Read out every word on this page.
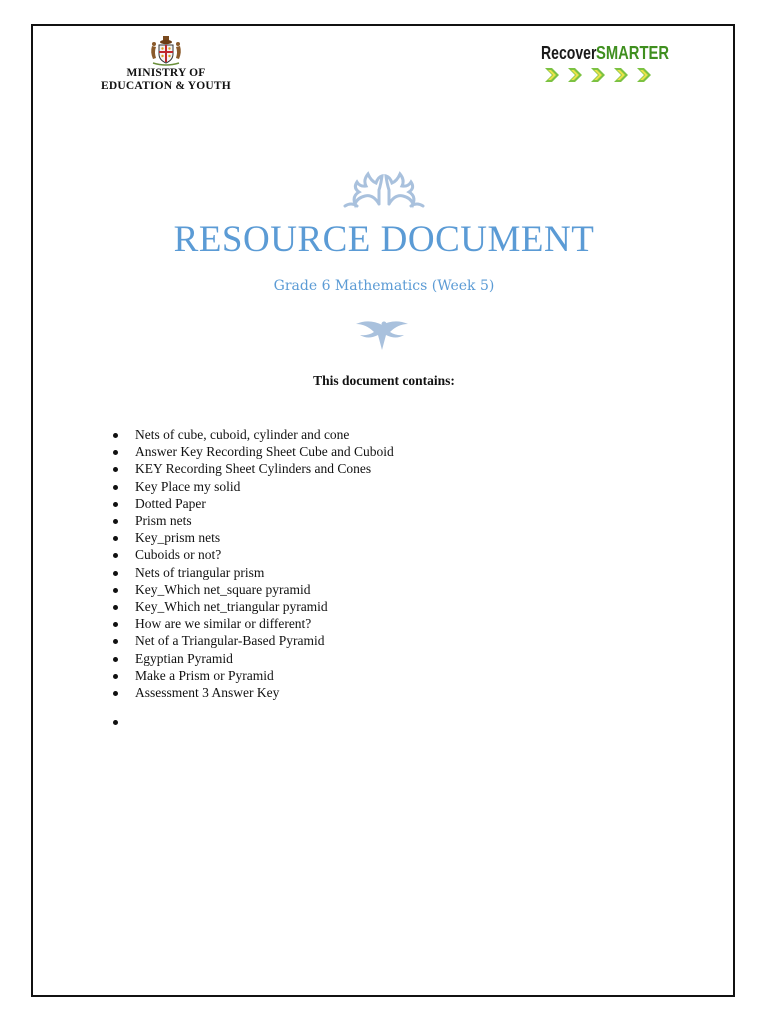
MINISTRY OF
EDUCATION & YOUTH
Recover SMARTER
RESOURCE DOCUMENT
Grade 6 Mathematics (Week 5)
This document contains:
Nets of cube, cuboid, cylinder and cone
Answer Key Recording Sheet Cube and Cuboid
KEY Recording Sheet Cylinders and Cones
Key Place my solid
Dotted Paper
Prism nets
Key_prism nets
Cuboids or not?
Nets of triangular prism
Key_Which net_square pyramid
Key_Which net_triangular pyramid
How are we similar or different?
Net of a Triangular-Based Pyramid
Egyptian Pyramid
Make a Prism or Pyramid
Assessment 3 Answer Key
